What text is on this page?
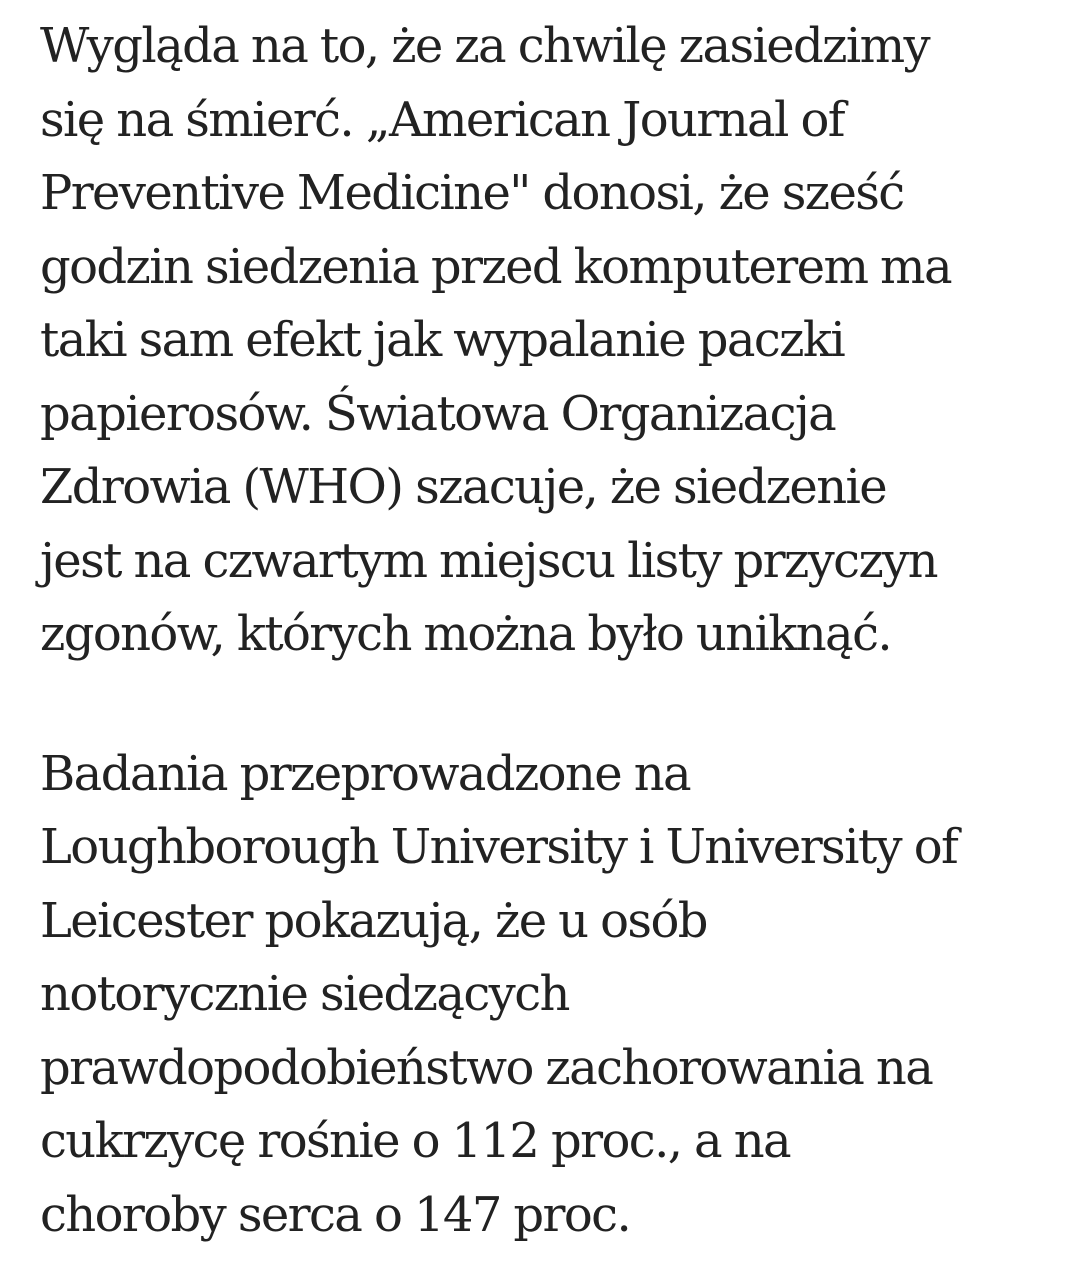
Wygląda na to, że za chwilę zasiedzimy
się na śmierć. „American Journal of
Preventive Medicine" donosi, że sześć
godzin siedzenia przed komputerem ma
taki sam efekt jak wypalanie paczki
papierosów. Światowa Organizacja
Zdrowia (WHO) szacuje, że siedzenie
jest na czwartym miejscu listy przyczyn
zgonów, których można było uniknąć.

Badania przeprowadzone na
Loughborough University i University of
Leicester pokazują, że u osób
notorycznie siedzących
prawdopodobieństwo zachorowania na
cukrzycę rośnie o 112 proc., a na
choroby serca o 147 proc.
